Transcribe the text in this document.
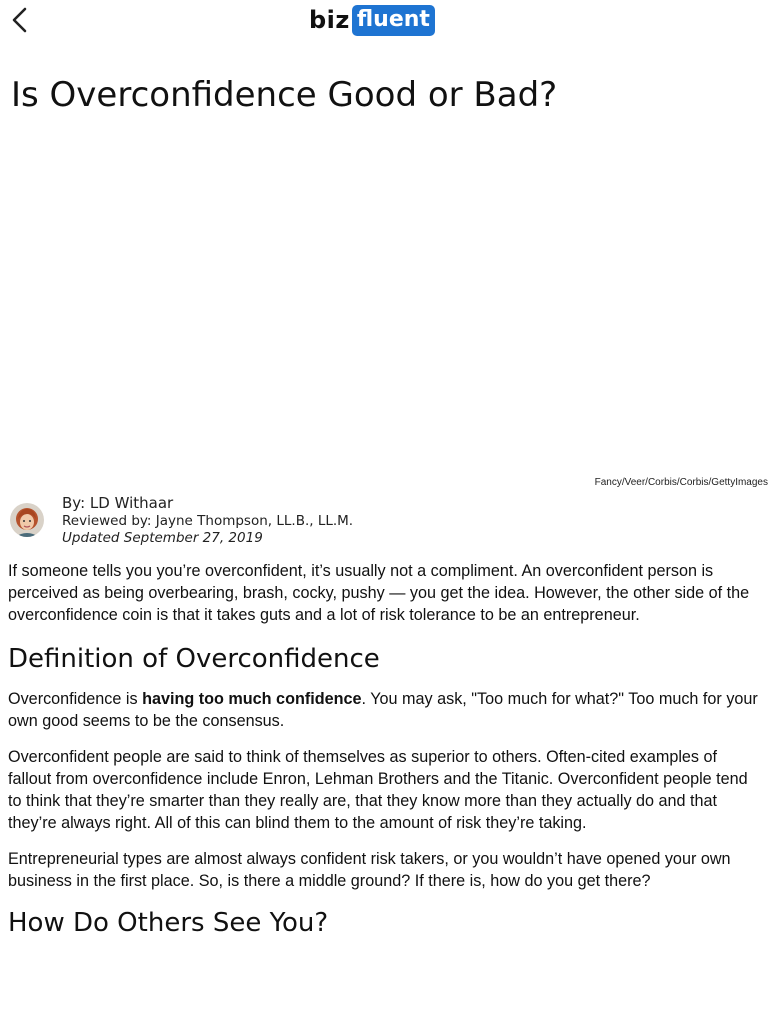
biz fluent
Is Overconfidence Good or Bad?
Fancy/Veer/Corbis/Corbis/GettyImages
By: LD Withaar
Reviewed by: Jayne Thompson, LL.B., LL.M.
Updated September 27, 2019

If someone tells you you’re overconfident, it’s usually not a compliment. An overconfident person is perceived as being overbearing, brash, cocky, pushy — you get the idea. However, the other side of the overconfidence coin is that it takes guts and a lot of risk tolerance to be an entrepreneur.

Definition of Overconfidence

Overconfidence is having too much confidence. You may ask, "Too much for what?" Too much for your own good seems to be the consensus.

Overconfident people are said to think of themselves as superior to others. Often-cited examples of fallout from overconfidence include Enron, Lehman Brothers and the Titanic. Overconfident people tend to think that they’re smarter than they really are, that they know more than they actually do and that they’re always right. All of this can blind them to the amount of risk they’re taking.

Entrepreneurial types are almost always confident risk takers, or you wouldn’t have opened your own business in the first place. So, is there a middle ground? If there is, how do you get there?

How Do Others See You?
